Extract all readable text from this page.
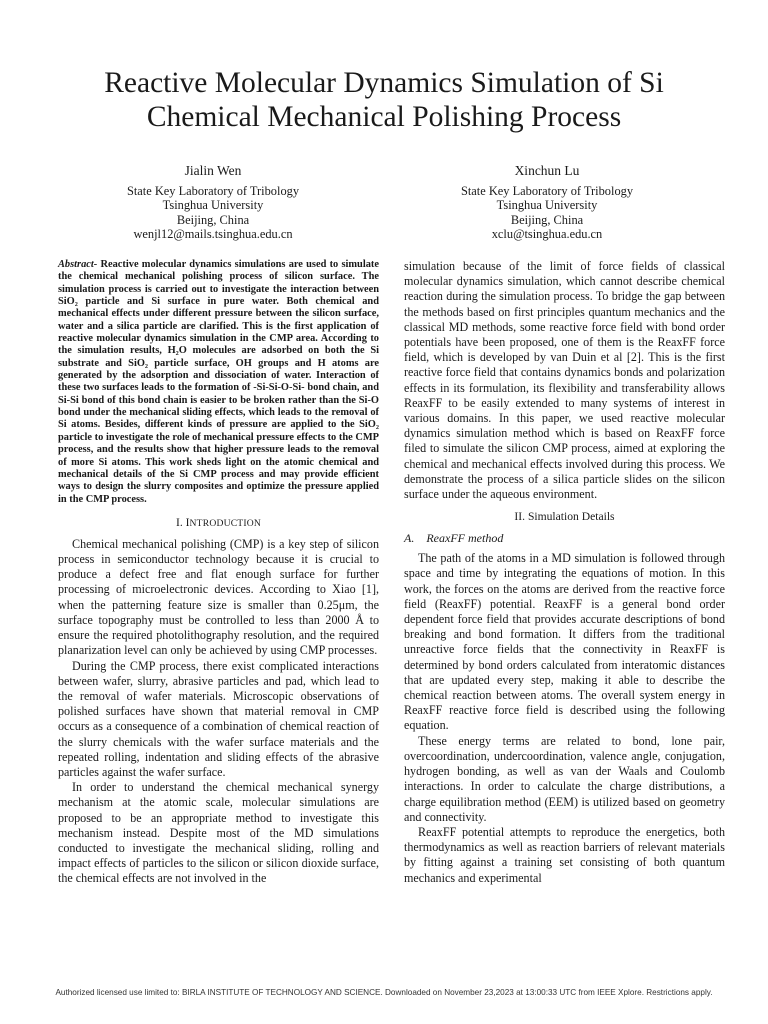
Reactive Molecular Dynamics Simulation of Si
Chemical Mechanical Polishing Process
Jialin Wen
State Key Laboratory of Tribology
Tsinghua University
Beijing, China
wenjl12@mails.tsinghua.edu.cn
Xinchun Lu
State Key Laboratory of Tribology
Tsinghua University
Beijing, China
xclu@tsinghua.edu.cn

Abstract- Reactive molecular dynamics simulations are used to simulate the chemical mechanical polishing process of silicon surface. The simulation process is carried out to investigate the interaction between SiO₂ particle and Si surface in pure water. Both chemical and mechanical effects under different pressure between the silicon surface, water and a silica particle are clarified. This is the first application of reactive molecular dynamics simulation in the CMP area. According to the simulation results, H₂O molecules are adsorbed on both the Si substrate and SiO₂ particle surface, OH groups and H atoms are generated by the adsorption and dissociation of water. Interaction of these two surfaces leads to the formation of -Si-Si-O-Si- bond chain, and Si-Si bond of this bond chain is easier to be broken rather than the Si-O bond under the mechanical sliding effects, which leads to the removal of Si atoms. Besides, different kinds of pressure are applied to the SiO₂ particle to investigate the role of mechanical pressure effects to the CMP process, and the results show that higher pressure leads to the removal of more Si atoms. This work sheds light on the atomic chemical and mechanical details of the Si CMP process and may provide efficient ways to design the slurry composites and optimize the pressure applied in the CMP process.

I. INTRODUCTION

Chemical mechanical polishing (CMP) is a key step of silicon process in semiconductor technology because it is crucial to produce a defect free and flat enough surface for further processing of microelectronic devices. According to Xiao [1], when the patterning feature size is smaller than 0.25μm, the surface topography must be controlled to less than 2000 Å to ensure the required photolithography resolution, and the required planarization level can only be achieved by using CMP processes.

During the CMP process, there exist complicated interactions between wafer, slurry, abrasive particles and pad, which lead to the removal of wafer materials. Microscopic observations of polished surfaces have shown that material removal in CMP occurs as a consequence of a combination of chemical reaction of the slurry chemicals with the wafer surface materials and the repeated rolling, indentation and sliding effects of the abrasive particles against the wafer surface.

In order to understand the chemical mechanical synergy mechanism at the atomic scale, molecular simulations are proposed to be an appropriate method to investigate this mechanism instead. Despite most of the MD simulations conducted to investigate the mechanical sliding, rolling and impact effects of particles to the silicon or silicon dioxide surface, the chemical effects are not involved in the

simulation because of the limit of force fields of classical molecular dynamics simulation, which cannot describe chemical reaction during the simulation process. To bridge the gap between the methods based on first principles quantum mechanics and the classical MD methods, some reactive force field with bond order potentials have been proposed, one of them is the ReaxFF force field, which is developed by van Duin et al [2]. This is the first reactive force field that contains dynamics bonds and polarization effects in its formulation, its flexibility and transferability allows ReaxFF to be easily extended to many systems of interest in various domains. In this paper, we used reactive molecular dynamics simulation method which is based on ReaxFF force filed to simulate the silicon CMP process, aimed at exploring the chemical and mechanical effects involved during this process. We demonstrate the process of a silica particle slides on the silicon surface under the aqueous environment.

II. Simulation Details
A. ReaxFF method

The path of the atoms in a MD simulation is followed through space and time by integrating the equations of motion. In this work, the forces on the atoms are derived from the reactive force field (ReaxFF) potential. ReaxFF is a general bond order dependent force field that provides accurate descriptions of bond breaking and bond formation. It differs from the traditional unreactive force fields that the connectivity in ReaxFF is determined by bond orders calculated from interatomic distances that are updated every step, making it able to describe the chemical reaction between atoms. The overall system energy in ReaxFF reactive force field is described using the following equation.

These energy terms are related to bond, lone pair, overcoordination, undercoordination, valence angle, conjugation, hydrogen bonding, as well as van der Waals and Coulomb interactions. In order to calculate the charge distributions, a charge equilibration method (EEM) is utilized based on geometry and connectivity.

ReaxFF potential attempts to reproduce the energetics, both thermodynamics as well as reaction barriers of relevant materials by fitting against a training set consisting of both quantum mechanics and experimental

Authorized licensed use limited to: BIRLA INSTITUTE OF TECHNOLOGY AND SCIENCE. Downloaded on November 23,2023 at 13:00:33 UTC from IEEE Xplore. Restrictions apply.
